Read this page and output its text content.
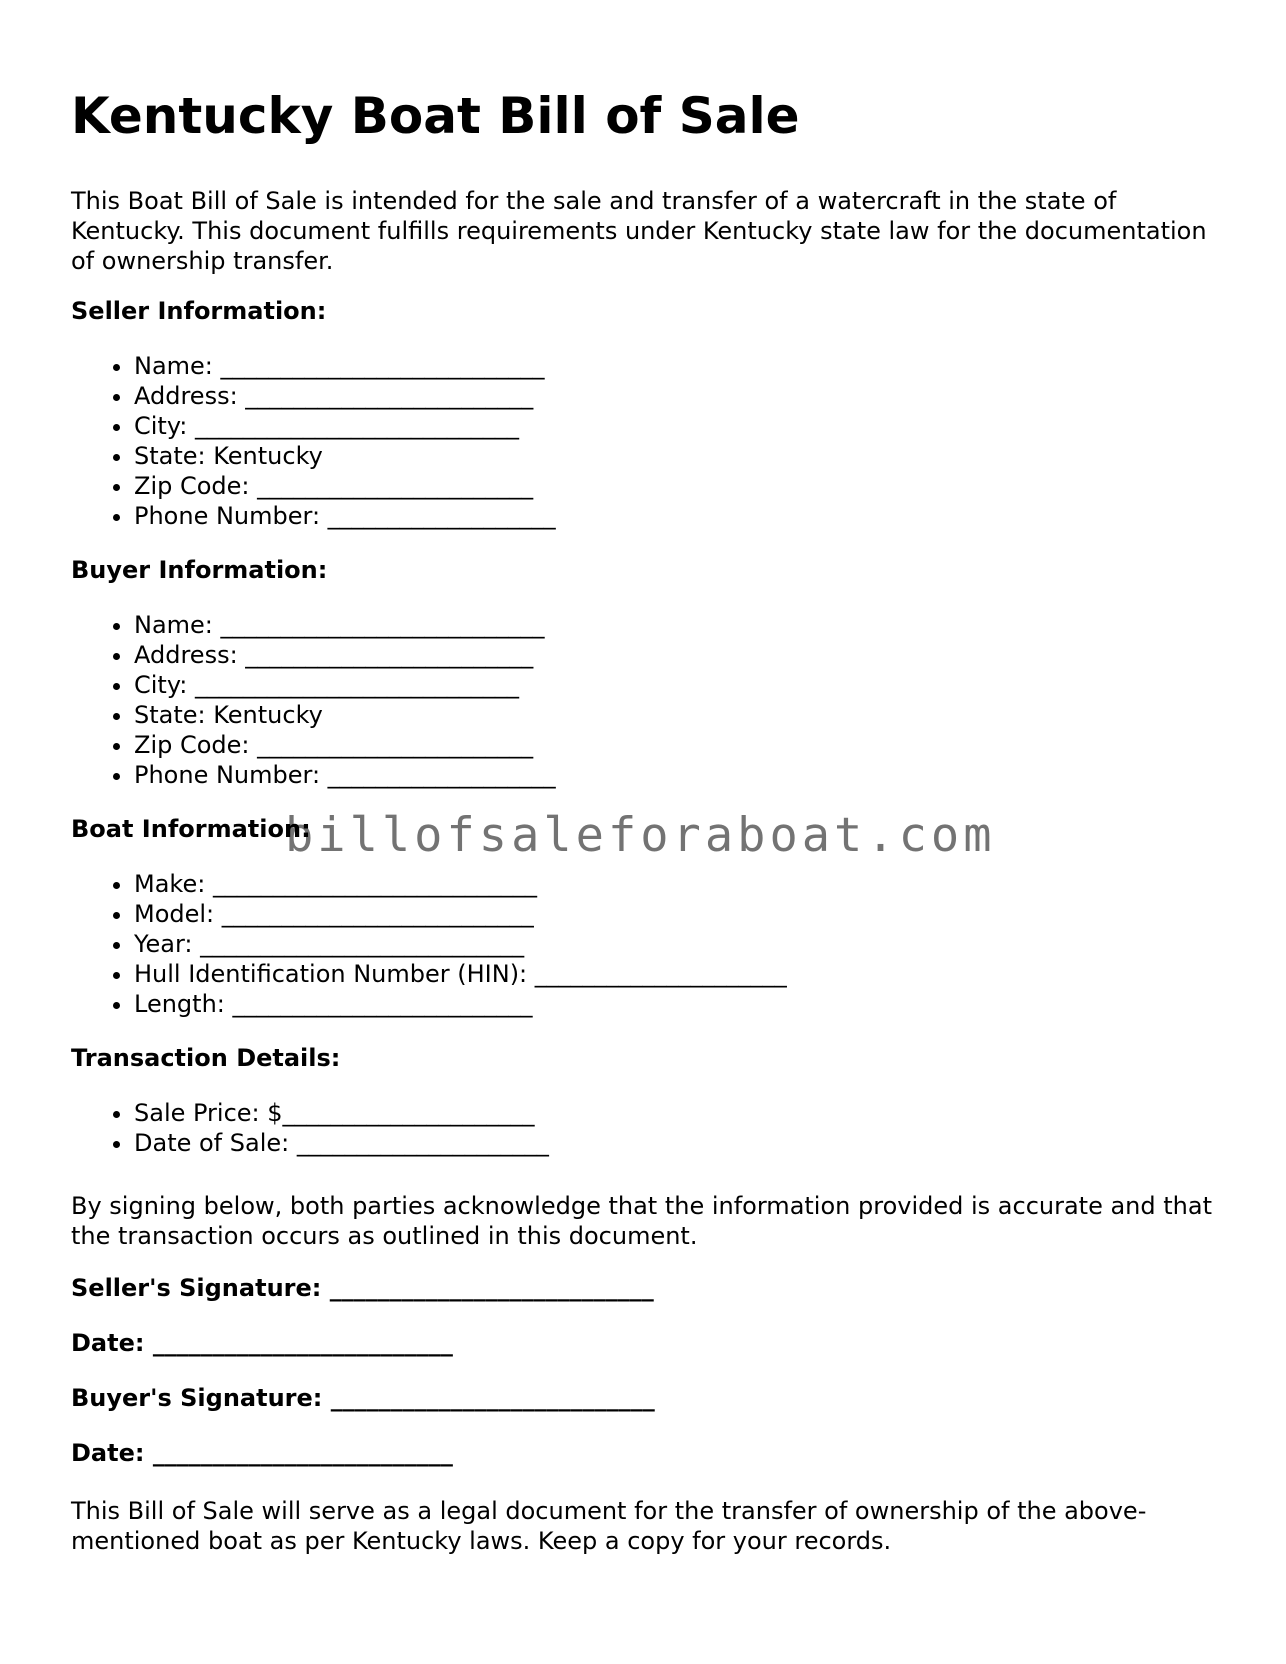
Kentucky Boat Bill of Sale

This Boat Bill of Sale is intended for the sale and transfer of a watercraft in the state of Kentucky. This document fulfills requirements under Kentucky state law for the documentation of ownership transfer.

Seller Information:
• Name: ___________________________
• Address: ________________________
• City: ___________________________
• State: Kentucky
• Zip Code: _______________________
• Phone Number: ___________________
Buyer Information:
• Name: ___________________________
• Address: ________________________
• City: ___________________________
• State: Kentucky
• Zip Code: _______________________
• Phone Number: ___________________
Boat Information:
• Make: ___________________________
• Model: __________________________
• Year: ___________________________
• Hull Identification Number (HIN): _____________________
• Length: _________________________
Transaction Details:
• Sale Price: $_____________________
• Date of Sale: _____________________

By signing below, both parties acknowledge that the information provided is accurate and that the transaction occurs as outlined in this document.

Seller's Signature: ___________________________
Date: _________________________
Buyer's Signature: ___________________________
Date: _________________________

This Bill of Sale will serve as a legal document for the transfer of ownership of the above-mentioned boat as per Kentucky laws. Keep a copy for your records.

billofsaleforaboat.com
